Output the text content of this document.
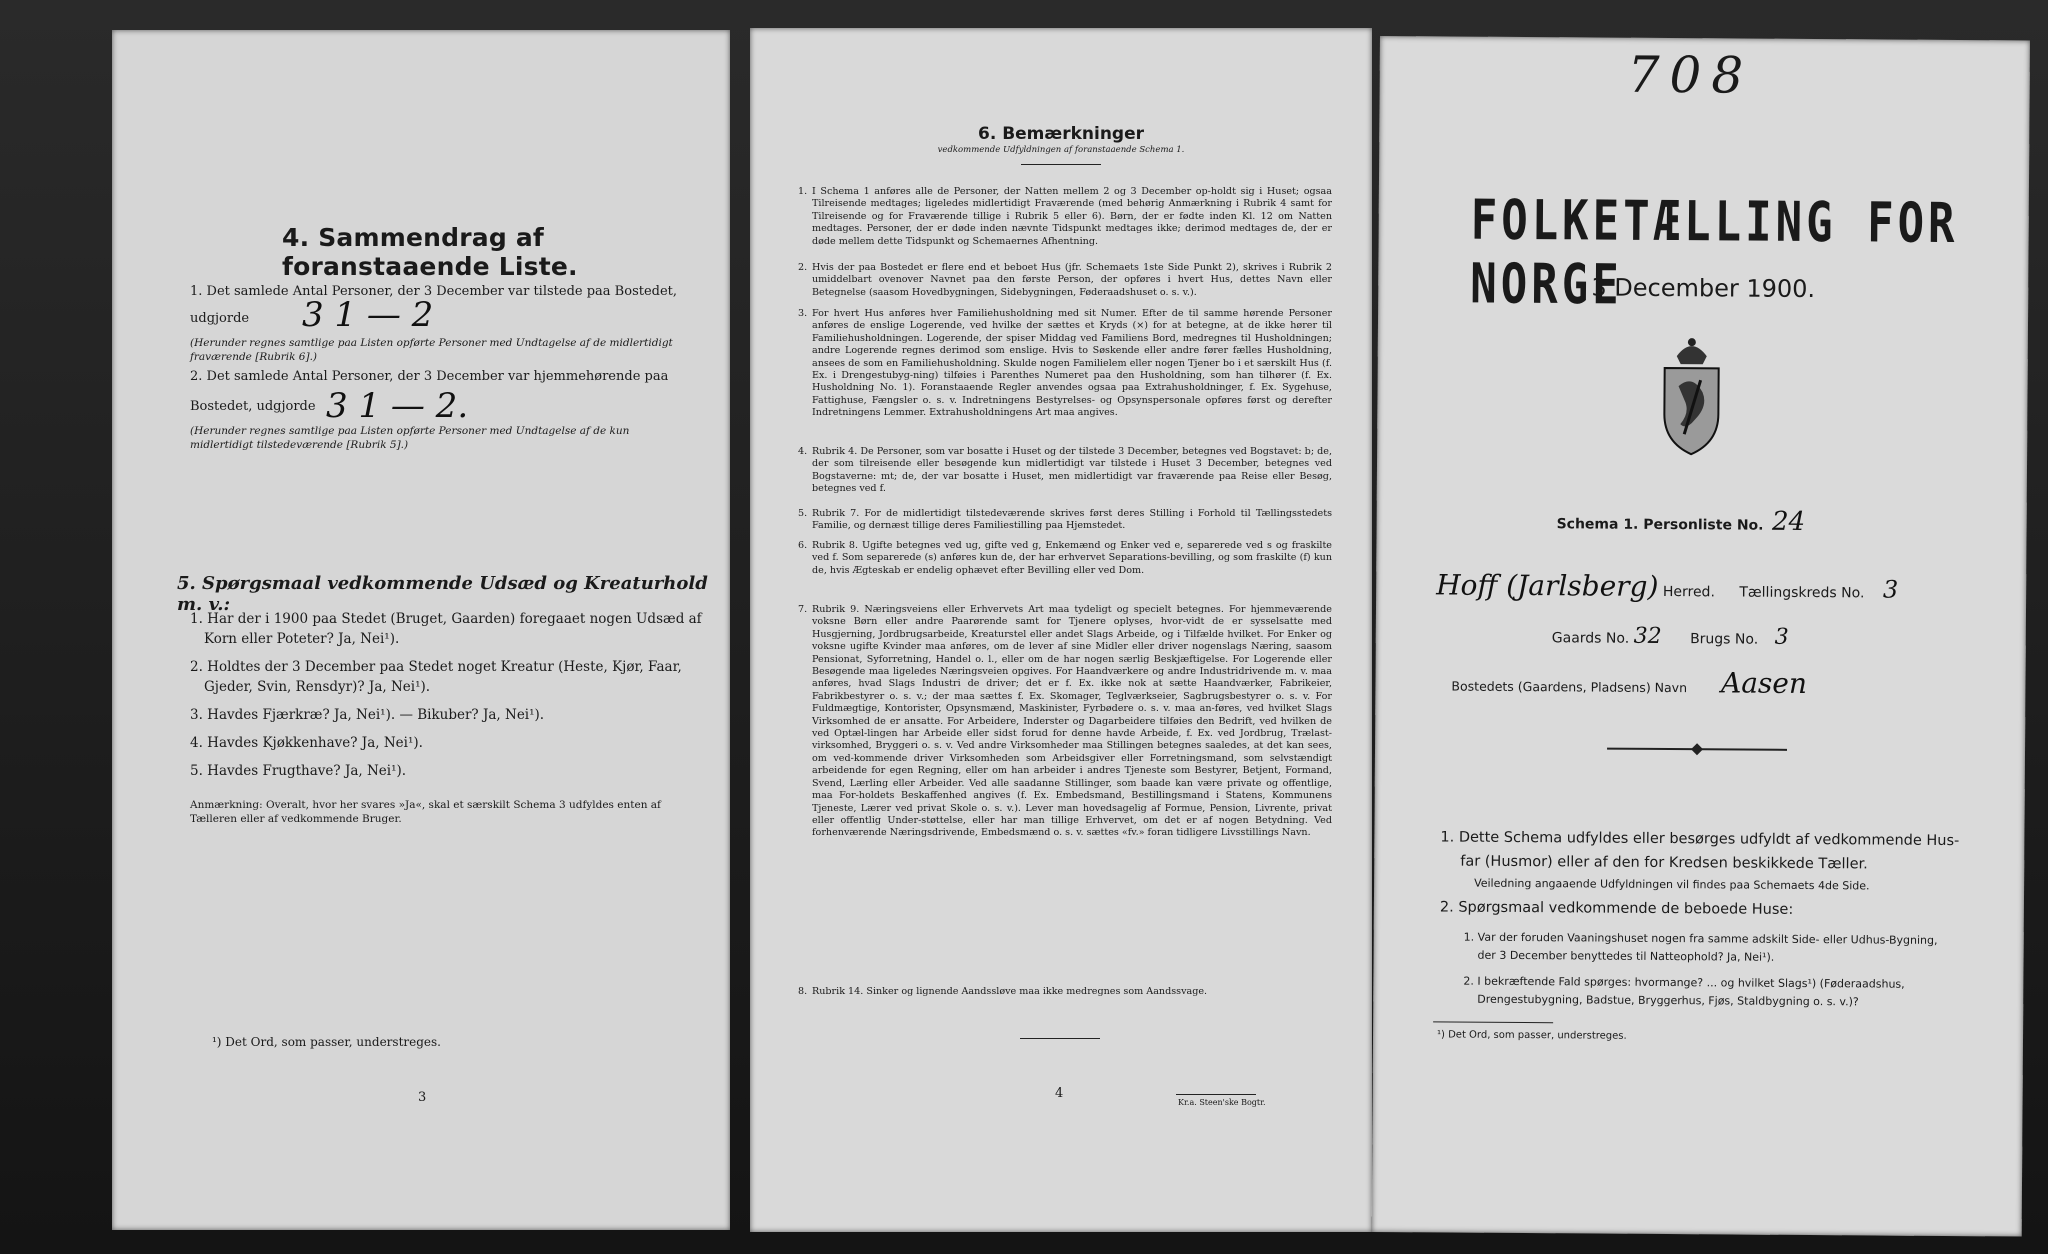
4. Sammendrag af foranstaaende Liste.
1. Det samlede Antal Personer, der 3 December var tilstede paa Bostedet,
udgjorde 3 1 — 2
(Herunder regnes samtlige paa Listen opførte Personer med Undtagelse af de midlertidigt
fraværende [Rubrik 6].)
2. Det samlede Antal Personer, der 3 December var hjemmehørende paa
Bostedet, udgjorde 3 1 — 2.
(Herunder regnes samtlige paa Listen opførte Personer med Undtagelse af de kun
midlertidigt tilstedeværende [Rubrik 5].)
5. Spørgsmaal vedkommende Udsæd og Kreaturhold m. v.:
1. Har der i 1900 paa Stedet (Bruget, Gaarden) foregaaet nogen Udsæd af
Korn eller Poteter? Ja, Nei¹).
2. Holdtes der 3 December paa Stedet noget Kreatur (Heste, Kjør, Faar,
Gjeder, Svin, Rensdyr)? Ja, Nei¹).
3. Havdes Fjærkræ? Ja, Nei¹). — Bikuber? Ja, Nei¹).
4. Havdes Kjøkkenhave? Ja, Nei¹).
5. Havdes Frugthave? Ja, Nei¹).
Anmærkning: Overalt, hvor her svares »Ja«, skal et særskilt Schema 3 udfyldes enten af
Tælleren eller af vedkommende Bruger.
¹) Det Ord, som passer, understreges.
3
6. Bemærkninger
vedkommende Udfyldningen af foranstaaende Schema 1.
1. I Schema 1 anføres alle de Personer, der Natten mellem 2 og 3 December op-holdt sig i Huset; ogsaa Tilreisende medtages; ligeledes midlertidigt Fraværende (med behørig Anmærkning i Rubrik 4 samt for Tilreisende og for Fraværende tillige i Rubrik 5 eller 6). Børn, der er fødte inden Kl. 12 om Natten medtages. Personer, der er døde inden nævnte Tidspunkt medtages ikke; derimod medtages de, der er døde mellem dette Tidspunkt og Schemaernes Afhentning.
2. Hvis der paa Bostedet er flere end et beboet Hus (jfr. Schemaets 1ste Side Punkt 2), skrives i Rubrik 2 umiddelbart ovenover Navnet paa den første Person, der opføres i hvert Hus, dettes Navn eller Betegnelse (saasom Hovedbygningen, Sidebygningen, Føderaadshuset o. s. v.).
3. For hvert Hus anføres hver Familiehusholdning med sit Numer. Efter de til samme hørende Personer anføres de enslige Logerende, ved hvilke der sættes et Kryds (×) for at betegne, at de ikke hører til Familiehusholdningen. Logerende, der spiser Middag ved Familiens Bord, medregnes til Husholdningen; andre Logerende regnes derimod som enslige. Hvis to Søskende eller andre fører fælles Husholdning, ansees de som en Familiehusholdning. Skulde nogen Familielem eller nogen Tjener bo i et særskilt Hus (f. Ex. i Drengestubyg-ning) tilføies i Parenthes Numeret paa den Husholdning, som han tilhører (f. Ex. Husholdning No. 1). Foranstaaende Regler anvendes ogsaa paa Extrahusholdninger, f. Ex. Sygehuse, Fattighuse, Fængsler o. s. v. Indretningens Bestyrelses- og Opsynspersonale opføres først og derefter Indretningens Lemmer. Extrahusholdningens Art maa angives.
4. Rubrik 4. De Personer, som var bosatte i Huset og der tilstede 3 December, betegnes ved Bogstavet: b; de, der som tilreisende eller besøgende kun midlertidigt var tilstede i Huset 3 December, betegnes ved Bogstaverne: mt; de, der var bosatte i Huset, men midlertidigt var fraværende paa Reise eller Besøg, betegnes ved f.
5. Rubrik 7. For de midlertidigt tilstedeværende skrives først deres Stilling i Forhold til Tællingsstedets Familie, og dernæst tillige deres Familiestilling paa Hjemstedet.
6. Rubrik 8. Ugifte betegnes ved ug, gifte ved g, Enkemænd og Enker ved e, separerede ved s og fraskilte ved f. Som separerede (s) anføres kun de, der har erhvervet Separations-bevilling, og som fraskilte (f) kun de, hvis Ægteskab er endelig ophævet efter Bevilling eller ved Dom.
7. Rubrik 9. Næringsveiens eller Erhvervets Art maa tydeligt og specielt betegnes. For hjemmeværende voksne Børn eller andre Paarørende samt for Tjenere oplyses, hvor-vidt de er sysselsatte med Husgjerning, Jordbrugsarbeide, Kreaturstel eller andet Slags Arbeide, og i Tilfælde hvilket. For Enker og voksne ugifte Kvinder maa anføres, om de lever af sine Midler eller driver nogenslags Næring, saasom Pensionat, Syforretning, Handel o. l., eller om de har nogen særlig Beskjæftigelse. For Logerende eller Besøgende maa ligeledes Næringsveien opgives. For Haandværkere og andre Industridrivende m. v. maa anføres, hvad Slags Industri de driver; det er f. Ex. ikke nok at sætte Haandværker, Fabrikeier, Fabrikbestyrer o. s. v.; der maa sættes f. Ex. Skomager, Teglværkseier, Sagbrugsbestyrer o. s. v. For Fuldmægtige, Kontorister, Opsynsmænd, Maskinister, Fyrbødere o. s. v. maa an-føres, ved hvilket Slags Virksomhed de er ansatte. For Arbeidere, Inderster og Dagarbeidere tilføies den Bedrift, ved hvilken de ved Optæl-lingen har Arbeide eller sidst forud for denne havde Arbeide, f. Ex. ved Jordbrug, Trælast-virksomhed, Bryggeri o. s. v. Ved andre Virksomheder maa Stillingen betegnes saaledes, at det kan sees, om ved-kommende driver Virksomheden som Arbeidsgiver eller Forretningsmand, som selvstændigt arbeidende for egen Regning, eller om han arbeider i andres Tjeneste som Bestyrer, Betjent, Formand, Svend, Lærling eller Arbeider. Ved alle saadanne Stillinger, som baade kan være private og offentlige, maa For-holdets Beskaffenhed angives (f. Ex. Embedsmand, Bestillingsmand i Statens, Kommunens Tjeneste, Lærer ved privat Skole o. s. v.). Lever man hovedsagelig af Formue, Pension, Livrente, privat eller offentlig Under-støttelse, eller har man tillige Erhvervet, om det er af nogen Betydning. Ved forhenværende Næringsdrivende, Embedsmænd o. s. v. sættes «fv.» foran tidligere Livsstillings Navn.
8. Rubrik 14. Sinker og lignende Aandssløve maa ikke medregnes som Aandssvage.
4
Kr.a. Steen'ske Bogtr.
708
FOLKETÆLLING FOR NORGE
3 December 1900.
Schema 1. Personliste No. 24
Hoff (Jarlsberg) Herred. Tællingskreds No. 3
Gaards No. 32 Brugs No. 3
Bostedets (Gaardens, Pladsens) Navn Aasen
1. Dette Schema udfyldes eller besørges udfyldt af vedkommende Hus-
far (Husmor) eller af den for Kredsen beskikkede Tæller.
Veiledning angaaende Udfyldningen vil findes paa Schemaets 4de Side.
2. Spørgsmaal vedkommende de beboede Huse:
1. Var der foruden Vaaningshuset nogen fra samme adskilt Side- eller Udhus-Bygning,
der 3 December benyttedes til Natteophold? Ja, Nei¹).
2. I bekræftende Fald spørges: hvormange? ... og hvilket Slags¹) (Føderaadshus,
Drengestubygning, Badstue, Bryggerhus, Fjøs, Staldbygning o. s. v.)?
¹) Det Ord, som passer, understreges.
